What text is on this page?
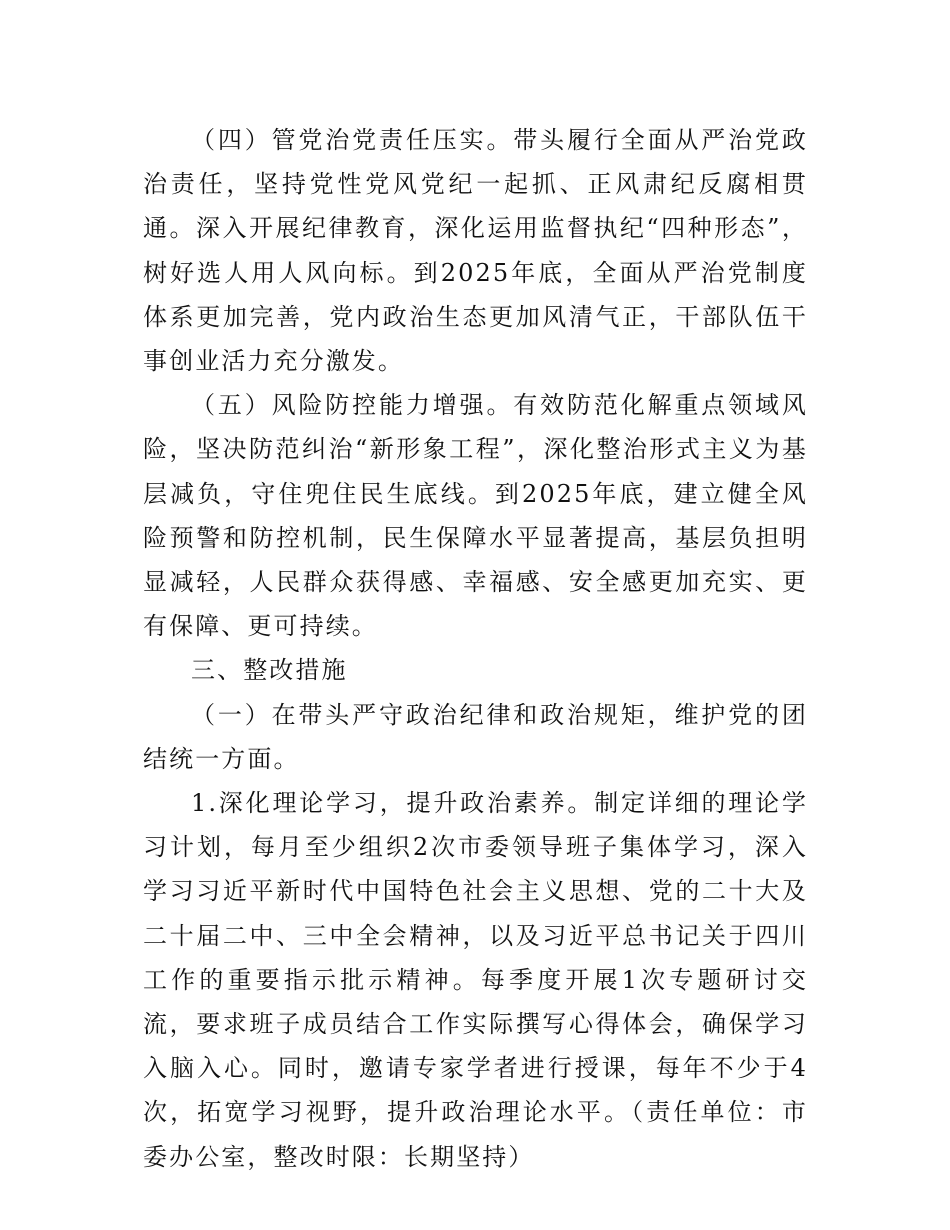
（四）管党治党责任压实。带头履行全面从严治党政治责任，坚持党性党风党纪一起抓、正风肃纪反腐相贯通。深入开展纪律教育，深化运用监督执纪“四种形态”，树好选人用人风向标。到2025年底，全面从严治党制度体系更加完善，党内政治生态更加风清气正，干部队伍干事创业活力充分激发。

（五）风险防控能力增强。有效防范化解重点领域风险，坚决防范纠治“新形象工程”，深化整治形式主义为基层减负，守住兜住民生底线。到2025年底，建立健全风险预警和防控机制，民生保障水平显著提高，基层负担明显减轻，人民群众获得感、幸福感、安全感更加充实、更有保障、更可持续。

三、整改措施

（一）在带头严守政治纪律和政治规矩，维护党的团结统一方面。

1.深化理论学习，提升政治素养。制定详细的理论学习计划，每月至少组织2次市委领导班子集体学习，深入学习习近平新时代中国特色社会主义思想、党的二十大及二十届二中、三中全会精神，以及习近平总书记关于四川工作的重要指示批示精神。每季度开展1次专题研讨交流，要求班子成员结合工作实际撰写心得体会，确保学习入脑入心。同时，邀请专家学者进行授课，每年不少于4次，拓宽学习视野，提升政治理论水平。（责任单位：市委办公室，整改时限：长期坚持）
